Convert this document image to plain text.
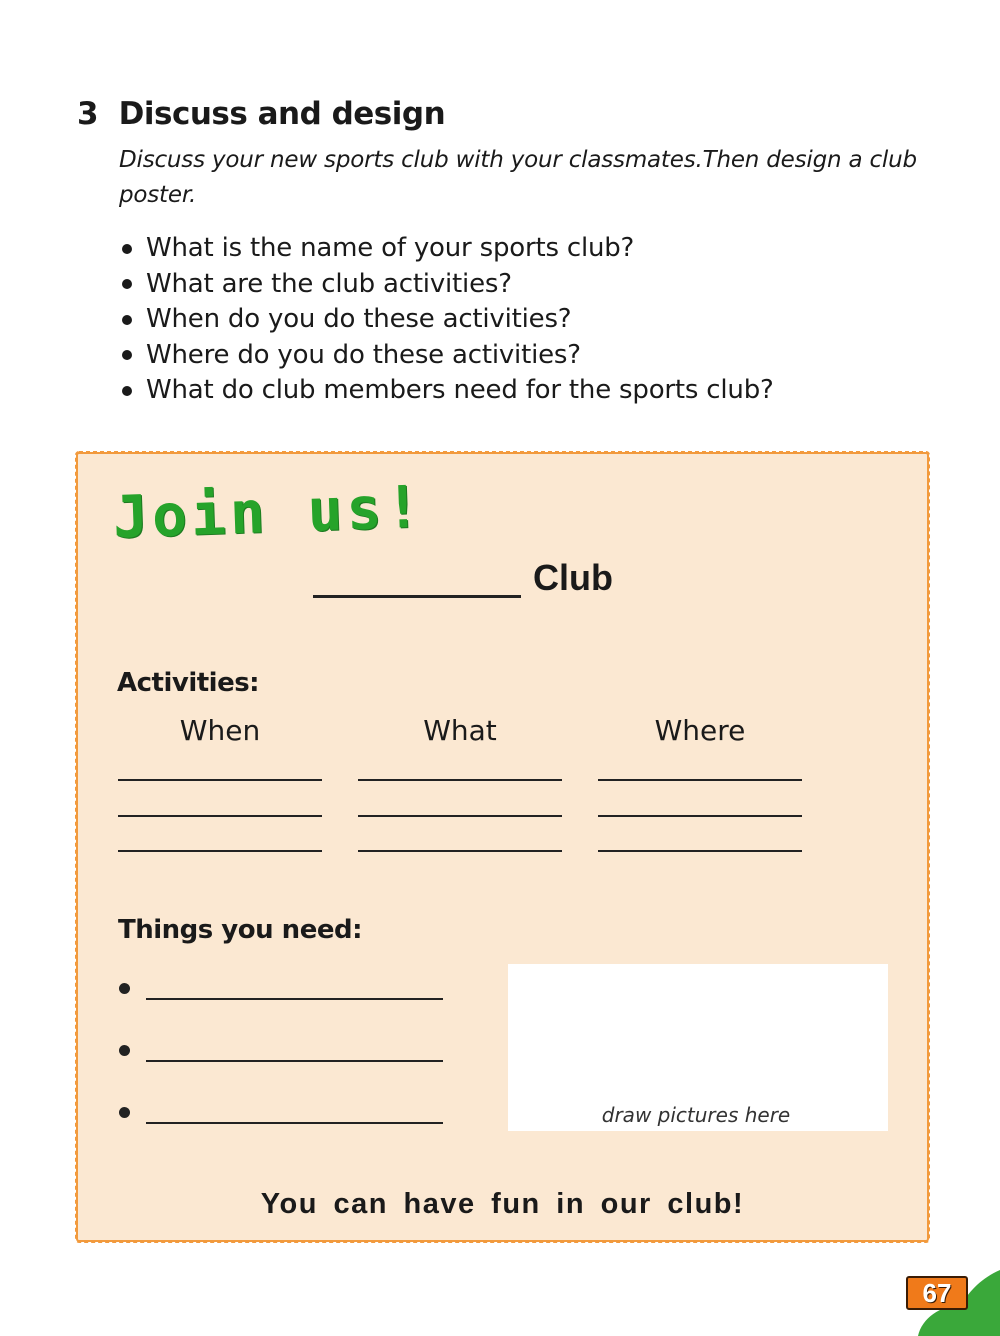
3 Discuss and design

Discuss your new sports club with your classmates.Then design a club poster.

What is the name of your sports club?
What are the club activities?
When do you do these activities?
Where do you do these activities?
What do club members need for the sports club?
Join us!
Club
Activities:
When	What	Where
Things you need:
draw pictures here
You can have fun in our club!
67
